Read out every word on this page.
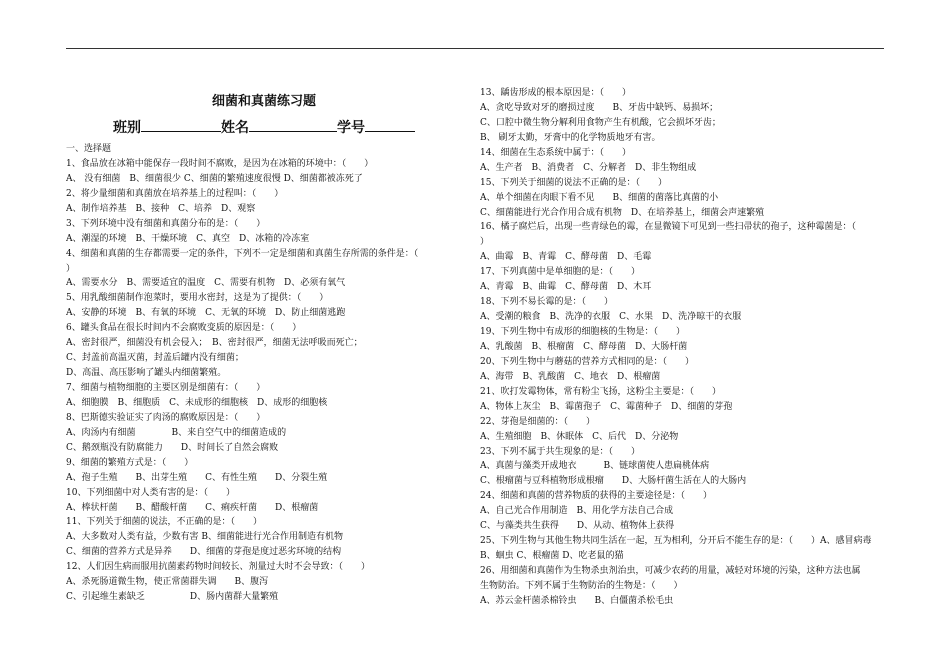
细菌和真菌练习题
班别	姓名	学号
一、选择题
1、食品放在冰箱中能保存一段时间不腐败，是因为在冰箱的环境中：（　　）
A、 没有细菌　B、细菌很少 C、细菌的繁殖速度很慢 D、细菌都被冻死了
2、将少量细菌和真菌放在培养基上的过程叫：（　　）
A、制作培养基　B、接种　C、培养　D、观察
3、下列环境中没有细菌和真菌分布的是：（　　）
A、潮湿的环境　B、干燥环境　C、真空　D、冰箱的冷冻室
4、细菌和真菌的生存都需要一定的条件，下列不一定是细菌和真菌生存所需的条件是：（
）
A、需要水分　B、需要适宜的温度　C、需要有机物　D、必须有氧气
5、用乳酸细菌制作泡菜时，要用水密封，这是为了提供：（　　）
A、安静的环境　B、有氧的环境　C、无氧的环境　D、防止细菌逃跑
6、罐头食品在很长时间内不会腐败变质的原因是：（　　）
A、密封很严，细菌没有机会侵入；　B、密封很严，细菌无法呼吸而死亡；
C、封盖前高温灭菌，封盖后罐内没有细菌；
D、高温、高压影响了罐头内细菌繁殖。
7、细菌与植物细胞的主要区别是细菌有：（　　）
A、细胞膜　B、细胞质　C、未成形的细胞核　D、成形的细胞核
8、巴斯德实验证实了肉汤的腐败原因是：（　　）
A、肉汤内有细菌　　　　B、来自空气中的细菌造成的
C、鹅颈瓶没有防腐能力　　D、时间长了自然会腐败
9、细菌的繁殖方式是：（　　）
A、孢子生殖　　B、出芽生殖　　C、有性生殖　　D、分裂生殖
10、下列细菌中对人类有害的是：（　　）
A、棒状杆菌　　B、醋酸杆菌　　C、痢疾杆菌　　D、根瘤菌
11、下列关于细菌的说法，不正确的是：（　　）
A、大多数对人类有益，少数有害 B、细菌能进行光合作用制造有机物
C、细菌的营养方式是异养　　D、细菌的芽孢是度过恶劣环境的结构
12、人们因生病而服用抗菌素药物时间较长、剂量过大时不会导致：（　　）
A、杀死肠道微生物，使正常菌群失调　　B、腹泻
C、引起维生素缺乏　　　　　D、肠内菌群大量繁殖
13、龋齿形成的根本原因是：（　　）
A、贪吃导致对牙的磨损过度　　B、牙齿中缺钙、易损坏；
C、口腔中微生物分解利用食物产生有机酸，它会损坏牙齿；
B、 刷牙太勤，牙膏中的化学物质地牙有害。
14、细菌在生态系统中属于：（　　）
A、生产者　B、消费者　C、分解者　D、非生物组成
15、下列关于细菌的说法不正确的是：（　　）
A、单个细菌在肉眼下看不见　　B、细菌的菌落比真菌的小
C、细菌能进行光合作用合成有机物　D、在培养基上，细菌会声速繁殖
16、橘子腐烂后，出现一些青绿色的霉，在显微镜下可见到一些扫帚状的孢子，这种霉菌是：（
）
A、曲霉　B、青霉　C、酵母菌　D、毛霉
17、下列真菌中是单细胞的是：（　　）
A、青霉　B、曲霉　C、酵母菌　D、木耳
18、下列不易长霉的是：（　　）
A、受潮的粮食　B、洗净的衣服　C、水果　D、洗净晾干的衣服
19、下列生物中有成形的细胞核的生物是：（　　）
A、乳酸菌　B、根瘤菌　C、酵母菌　D、大肠杆菌
20、下列生物中与蘑菇的营养方式相同的是：（　　）
A、海带　B、乳酸菌　C、地衣　D、根瘤菌
21、吹打发霉物体，常有粉尘飞扬，这粉尘主要是：（　　）
A、物体上灰尘　B、霉菌孢子　C、霉菌种子　D、细菌的芽孢
22、芽孢是细菌的：（　　）
A、生殖细胞　B、休眠体　C、后代　D、分泌物
23、下列不属于共生现象的是：（　　）
A、真菌与藻类开成地衣　　　B、链球菌使人患扁桃体病
C、根瘤菌与豆科植物形成根瘤　　D、大肠杆菌生活在人的大肠内
24、细菌和真菌的营养物质的获得的主要途径是：（　　）
A、自己光合作用制造　B、用化学方法自己合成
C、与藻类共生获得　　D、从动、植物体上获得
25、下列生物与其他生物共同生活在一起，互为相利，分开后不能生存的是：（　　）A、感冒病毒
B、蛔虫 C、根瘤菌 D、吃老鼠的猫
26、用细菌和真菌作为生物杀虫剂治虫，可减少农药的用量，减轻对环境的污染，这种方法也属
生物防治。下列不属于生物防治的生物是：（　　）
A、苏云金杆菌杀棉铃虫　　B、白僵菌杀松毛虫
